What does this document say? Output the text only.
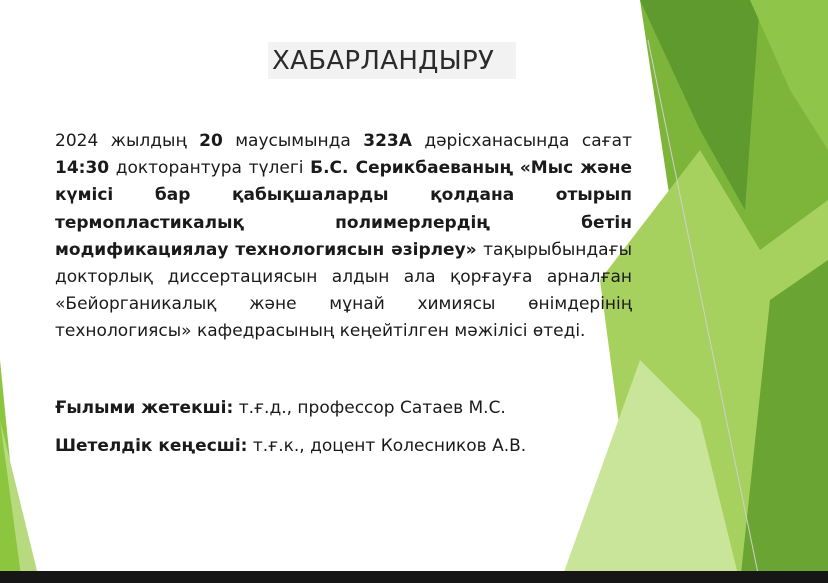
ХАБАРЛАНДЫРУ

2024 жылдың 20 маусымында 323А дәрісханасында сағат 14:30 докторантура түлегі Б.С. Серикбаеваның «Мыс және күмісі бар қабықшаларды қолдана отырып термопластикалық полимерлердің бетін модификациялау технологиясын әзірлеу» тақырыбындағы докторлық диссертациясын алдын ала қорғауға арналған «Бейорганикалық және мұнай химиясы өнімдерінің технологиясы» кафедрасының кеңейтілген мәжілісі өтеді.

Ғылыми жетекші: т.ғ.д., профессор Сатаев М.С.
Шетелдік кеңесші: т.ғ.к., доцент Колесников А.В.
